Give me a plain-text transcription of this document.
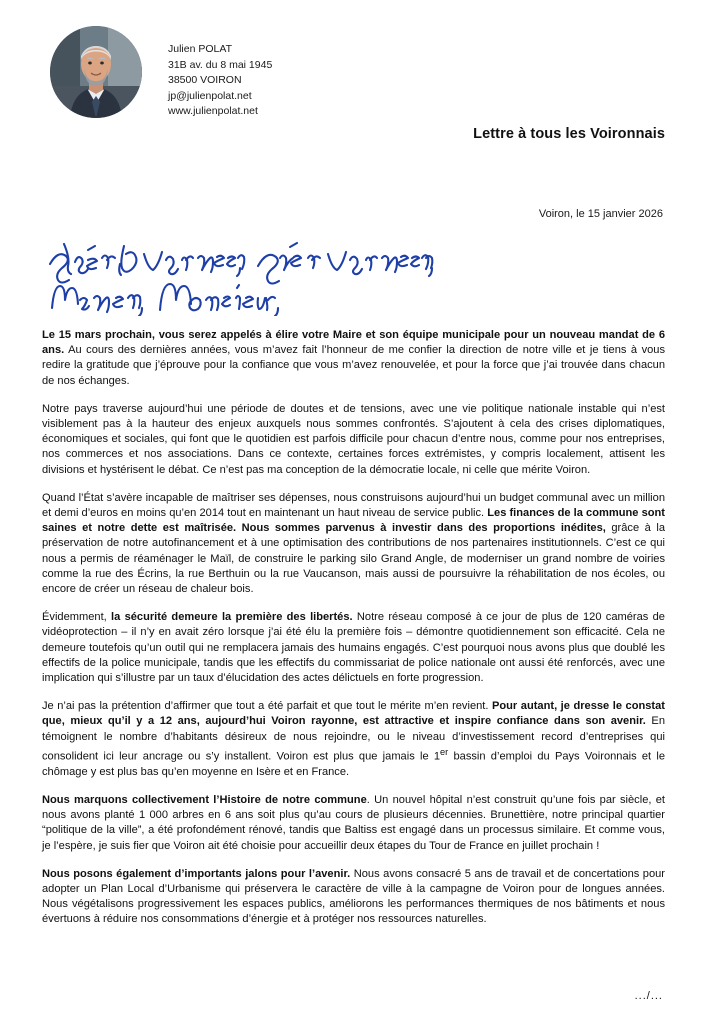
Julien POLAT
31B av. du 8 mai 1945
38500 VOIRON
jp@julienpolat.net
www.julienpolat.net
Lettre à tous les Voironnais
Voiron, le 15 janvier 2026

Le 15 mars prochain, vous serez appelés à élire votre Maire et son équipe municipale pour un nouveau mandat de 6 ans. Au cours des dernières années, vous m’avez fait l’honneur de me confier la direction de notre ville et je tiens à vous redire la gratitude que j’éprouve pour la confiance que vous m’avez renouvelée, et pour la force que j’ai trouvée dans chacun de nos échanges.

Notre pays traverse aujourd’hui une période de doutes et de tensions, avec une vie politique nationale instable qui n’est visiblement pas à la hauteur des enjeux auxquels nous sommes confrontés. S’ajoutent à cela des crises diplomatiques, économiques et sociales, qui font que le quotidien est parfois difficile pour chacun d’entre nous, comme pour nos entreprises, nos commerces et nos associations. Dans ce contexte, certaines forces extrémistes, y compris localement, attisent les divisions et hystérisent le débat. Ce n’est pas ma conception de la démocratie locale, ni celle que mérite Voiron.

Quand l’État s’avère incapable de maîtriser ses dépenses, nous construisons aujourd’hui un budget communal avec un million et demi d’euros en moins qu’en 2014 tout en maintenant un haut niveau de service public. Les finances de la commune sont saines et notre dette est maîtrisée. Nous sommes parvenus à investir dans des proportions inédites, grâce à la préservation de notre autofinancement et à une optimisation des contributions de nos partenaires institutionnels. C’est ce qui nous a permis de réaménager le Maïl, de construire le parking silo Grand Angle, de moderniser un grand nombre de voiries comme la rue des Écrins, la rue Berthuin ou la rue Vaucanson, mais aussi de poursuivre la réhabilitation de nos écoles, ou encore de créer un réseau de chaleur bois.

Évidemment, la sécurité demeure la première des libertés. Notre réseau composé à ce jour de plus de 120 caméras de vidéoprotection – il n’y en avait zéro lorsque j’ai été élu la première fois – démontre quotidiennement son efficacité. Cela ne demeure toutefois qu’un outil qui ne remplacera jamais des humains engagés. C’est pourquoi nous avons plus que doublé les effectifs de la police municipale, tandis que les effectifs du commissariat de police nationale ont aussi été renforcés, avec une implication qui s’illustre par un taux d’élucidation des actes délictuels en forte progression.

Je n’ai pas la prétention d’affirmer que tout a été parfait et que tout le mérite m’en revient. Pour autant, je dresse le constat que, mieux qu’il y a 12 ans, aujourd’hui Voiron rayonne, est attractive et inspire confiance dans son avenir. En témoignent le nombre d’habitants désireux de nous rejoindre, ou le niveau d’investissement record d’entreprises qui consolident ici leur ancrage ou s’y installent. Voiron est plus que jamais le 1er bassin d’emploi du Pays Voironnais et le chômage y est plus bas qu’en moyenne en Isère et en France.

Nous marquons collectivement l’Histoire de notre commune. Un nouvel hôpital n’est construit qu’une fois par siècle, et nous avons planté 1 000 arbres en 6 ans soit plus qu’au cours de plusieurs décennies. Brunettière, notre principal quartier “politique de la ville”, a été profondément rénové, tandis que Baltiss est engagé dans un processus similaire. Et comme vous, je l’espère, je suis fier que Voiron ait été choisie pour accueillir deux étapes du Tour de France en juillet prochain !

Nous posons également d’importants jalons pour l’avenir. Nous avons consacré 5 ans de travail et de concertations pour adopter un Plan Local d’Urbanisme qui préservera le caractère de ville à la campagne de Voiron pour de longues années. Nous végétalisons progressivement les espaces publics, améliorons les performances thermiques de nos bâtiments et nous évertuons à réduire nos consommations d’énergie et à protéger nos ressources naturelles.

.../...
